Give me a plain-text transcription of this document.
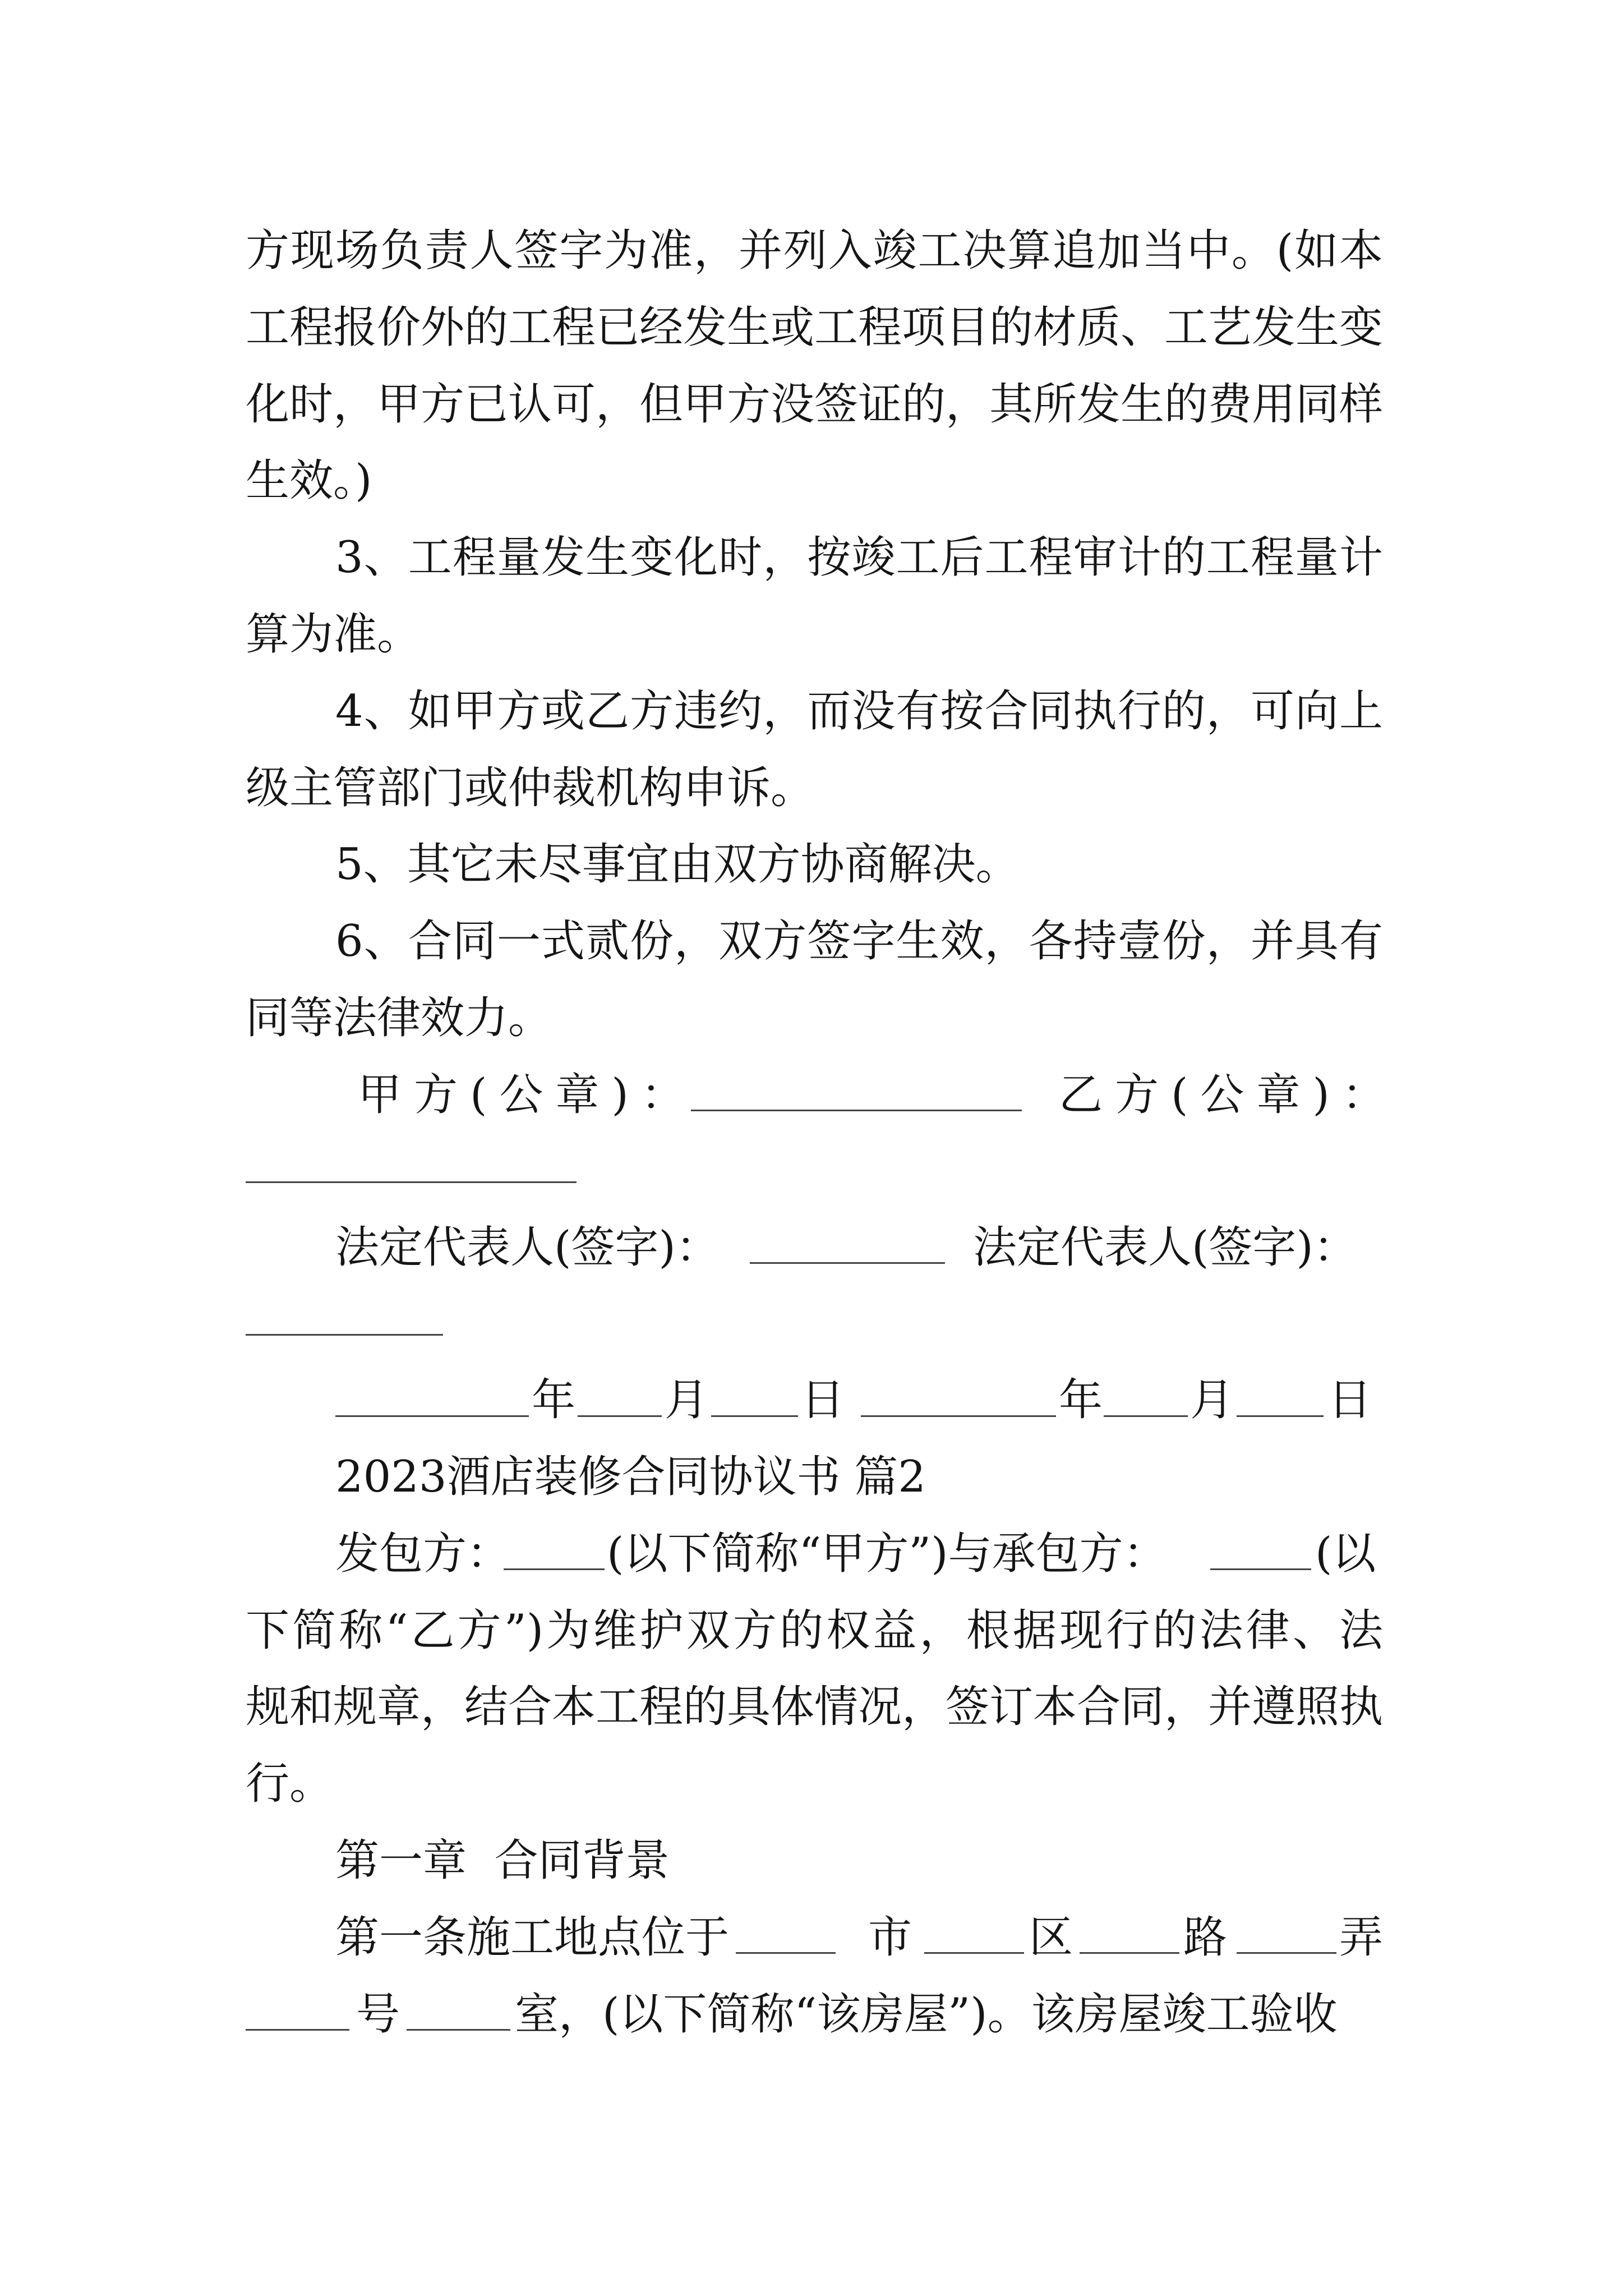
方现场负责人签字为准，并列入竣工决算追加当中。(如本
工程报价外的工程已经发生或工程项目的材质、工艺发生变
化时，甲方已认可，但甲方没签证的，其所发生的费用同样
生效。)
3、工程量发生变化时，按竣工后工程审计的工程量计
算为准。
4、如甲方或乙方违约，而没有按合同执行的，可向上
级主管部门或仲裁机构申诉。
5、其它未尽事宜由双方协商解决。
6、合同一式贰份，双方签字生效，各持壹份，并具有
同等法律效力。
甲方(公章)：	乙方(公章)：
法定代表人(签字)：	法定代表人(签字)：
年 月 日	年 月 日
2023酒店装修合同协议书 篇2
发包方： (以下简称“甲方”)与承包方：	(以
下简称“乙方”)为维护双方的权益，根据现行的法律、法
规和规章，结合本工程的具体情况，签订本合同，并遵照执
行。
第一章  合同背景
第一条施工地点位于	市	区	路	弄
号	室，(以下简称“该房屋”)。该房屋竣工验收
